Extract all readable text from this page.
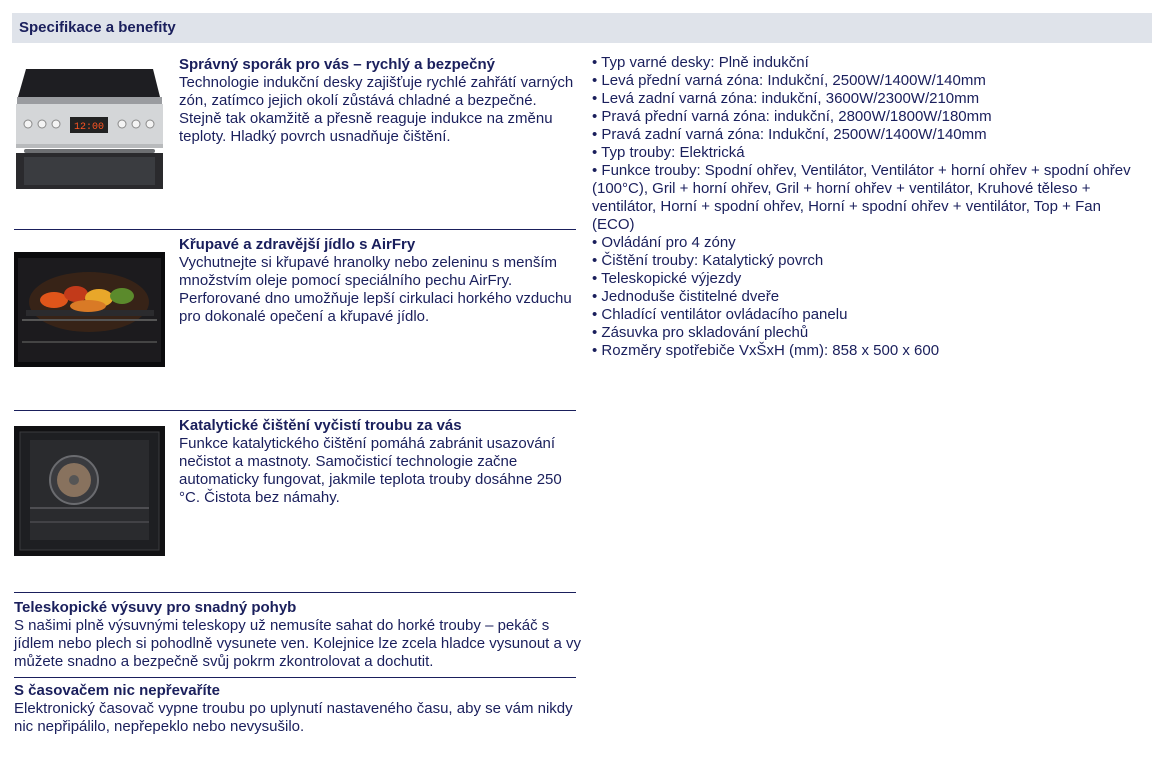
Specifikace a benefity
12:00
Správný sporák pro vás – rychlý a bezpečný
Technologie indukční desky zajišťuje rychlé zahřátí varných zón, zatímco jejich okolí zůstává chladné a bezpečné. Stejně tak okamžitě a přesně reaguje indukce na změnu teploty. Hladký povrch usnadňuje čištění.
Křupavé a zdravější jídlo s AirFry
Vychutnejte si křupavé hranolky nebo zeleninu s menším množstvím oleje pomocí speciálního pechu AirFry. Perforované dno umožňuje lepší cirkulaci horkého vzduchu pro dokonalé opečení a křupavé jídlo.
Katalytické čištění vyčistí troubu za vás
Funkce katalytického čištění pomáhá zabránit usazování nečistot a mastnoty. Samočisticí technologie začne automaticky fungovat, jakmile teplota trouby dosáhne 250 °C. Čistota bez námahy.
Teleskopické výsuvy pro snadný pohyb
S našimi plně výsuvnými teleskopy už nemusíte sahat do horké trouby – pekáč s jídlem nebo plech si pohodlně vysunete ven. Kolejnice lze zcela hladce vysunout a vy můžete snadno a bezpečně svůj pokrm zkontrolovat a dochutit.
S časovačem nic nepřevaříte
Elektronický časovač vypne troubu po uplynutí nastaveného času, aby se vám nikdy nic nepřipálilo, nepřepeklo nebo nevysušilo.
• Typ varné desky: Plně indukční
• Levá přední varná zóna: Indukční, 2500W/1400W/140mm
• Levá zadní varná zóna: indukční, 3600W/2300W/210mm
• Pravá přední varná zóna: indukční, 2800W/1800W/180mm
• Pravá zadní varná zóna: Indukční, 2500W/1400W/140mm
• Typ trouby: Elektrická
• Funkce trouby: Spodní ohřev, Ventilátor, Ventilátor + horní ohřev + spodní ohřev (100°C), Gril + horní ohřev, Gril + horní ohřev + ventilátor, Kruhové těleso + ventilátor, Horní + spodní ohřev, Horní + spodní ohřev + ventilátor, Top + Fan (ECO)
• Ovládání pro 4 zóny
• Čištění trouby: Katalytický povrch
• Teleskopické výjezdy
• Jednoduše čistitelné dveře
• Chladící ventilátor ovládacího panelu
• Zásuvka pro skladování plechů
• Rozměry spotřebiče VxŠxH (mm): 858 x 500 x 600
